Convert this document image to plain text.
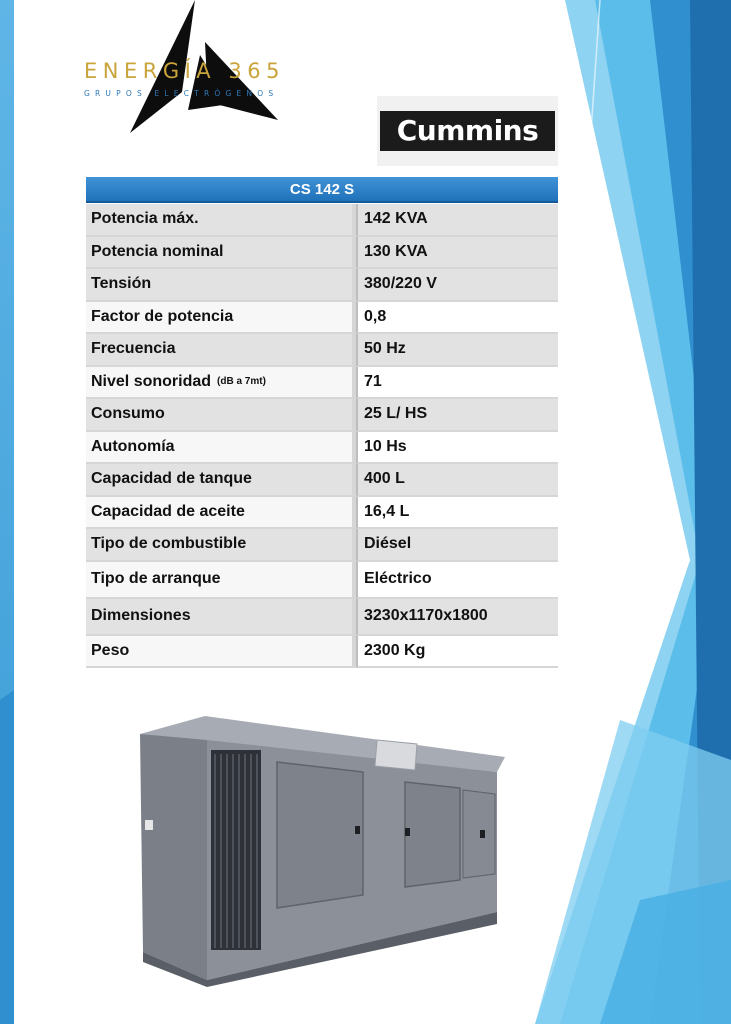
ENERGÍA 365
GRUPOS ELECTRÓGENOS
Cummins
CS 142 S
Potencia máx.	142 KVA
Potencia nominal	130 KVA
Tensión	380/220 V
Factor de potencia	0,8
Frecuencia	50 Hz
Nivel sonoridad (dB a 7mt)	71
Consumo	25 L/ HS
Autonomía	10 Hs
Capacidad de tanque	400 L
Capacidad de aceite	16,4 L
Tipo de combustible	Diésel
Tipo de arranque	Eléctrico
Dimensiones	3230x1170x1800
Peso	2300 Kg
